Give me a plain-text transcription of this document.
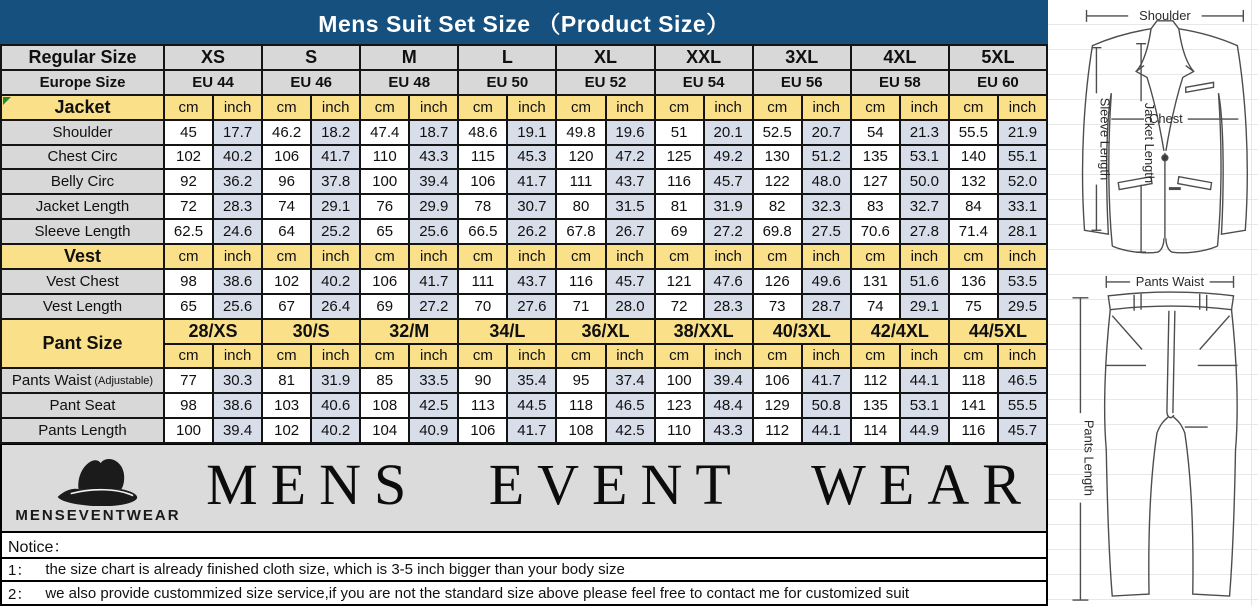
Mens Suit Set Size （Product Size）
Regular Size	XS	S	M	L	XL	XXL	3XL	4XL	5XL
Europe Size	EU 44	EU 46	EU 48	EU 50	EU 52	EU 54	EU 56	EU 58	EU 60
Jacket	cm	inch	cm	inch	cm	inch	cm	inch	cm	inch	cm	inch	cm	inch	cm	inch	cm	inch
Shoulder	45	17.7	46.2	18.2	47.4	18.7	48.6	19.1	49.8	19.6	51	20.1	52.5	20.7	54	21.3	55.5	21.9
Chest Circ	102	40.2	106	41.7	110	43.3	115	45.3	120	47.2	125	49.2	130	51.2	135	53.1	140	55.1
Belly Circ	92	36.2	96	37.8	100	39.4	106	41.7	111	43.7	116	45.7	122	48.0	127	50.0	132	52.0
Jacket Length	72	28.3	74	29.1	76	29.9	78	30.7	80	31.5	81	31.9	82	32.3	83	32.7	84	33.1
Sleeve Length	62.5	24.6	64	25.2	65	25.6	66.5	26.2	67.8	26.7	69	27.2	69.8	27.5	70.6	27.8	71.4	28.1
Vest	cm	inch	cm	inch	cm	inch	cm	inch	cm	inch	cm	inch	cm	inch	cm	inch	cm	inch
Vest Chest	98	38.6	102	40.2	106	41.7	111	43.7	116	45.7	121	47.6	126	49.6	131	51.6	136	53.5
Vest Length	65	25.6	67	26.4	69	27.2	70	27.6	71	28.0	72	28.3	73	28.7	74	29.1	75	29.5
Pant Size
28/XS	30/S	32/M	34/L	36/XL	38/XXL	40/3XL	42/4XL	44/5XL
cm	inch	cm	inch	cm	inch	cm	inch	cm	inch	cm	inch	cm	inch	cm	inch	cm	inch
Pants Waist (Adjustable)	77	30.3	81	31.9	85	33.5	90	35.4	95	37.4	100	39.4	106	41.7	112	44.1	118	46.5
Pant Seat	98	38.6	103	40.6	108	42.5	113	44.5	118	46.5	123	48.4	129	50.8	135	53.1	141	55.5
Pants Length	100	39.4	102	40.2	104	40.9	106	41.7	108	42.5	110	43.3	112	44.1	114	44.9	116	45.7
MENSEVENTWEAR MENS EVENT WEAR
Notice：
1： the size chart is already finished cloth size, which is 3-5 inch bigger than your body size
2： we also provide custommized size service,if you are not the standard size above please feel free to contact me for customized suit
Shoulder
Chest
Sleeve Length Jacket Length
Pants Waist
Pants Length
